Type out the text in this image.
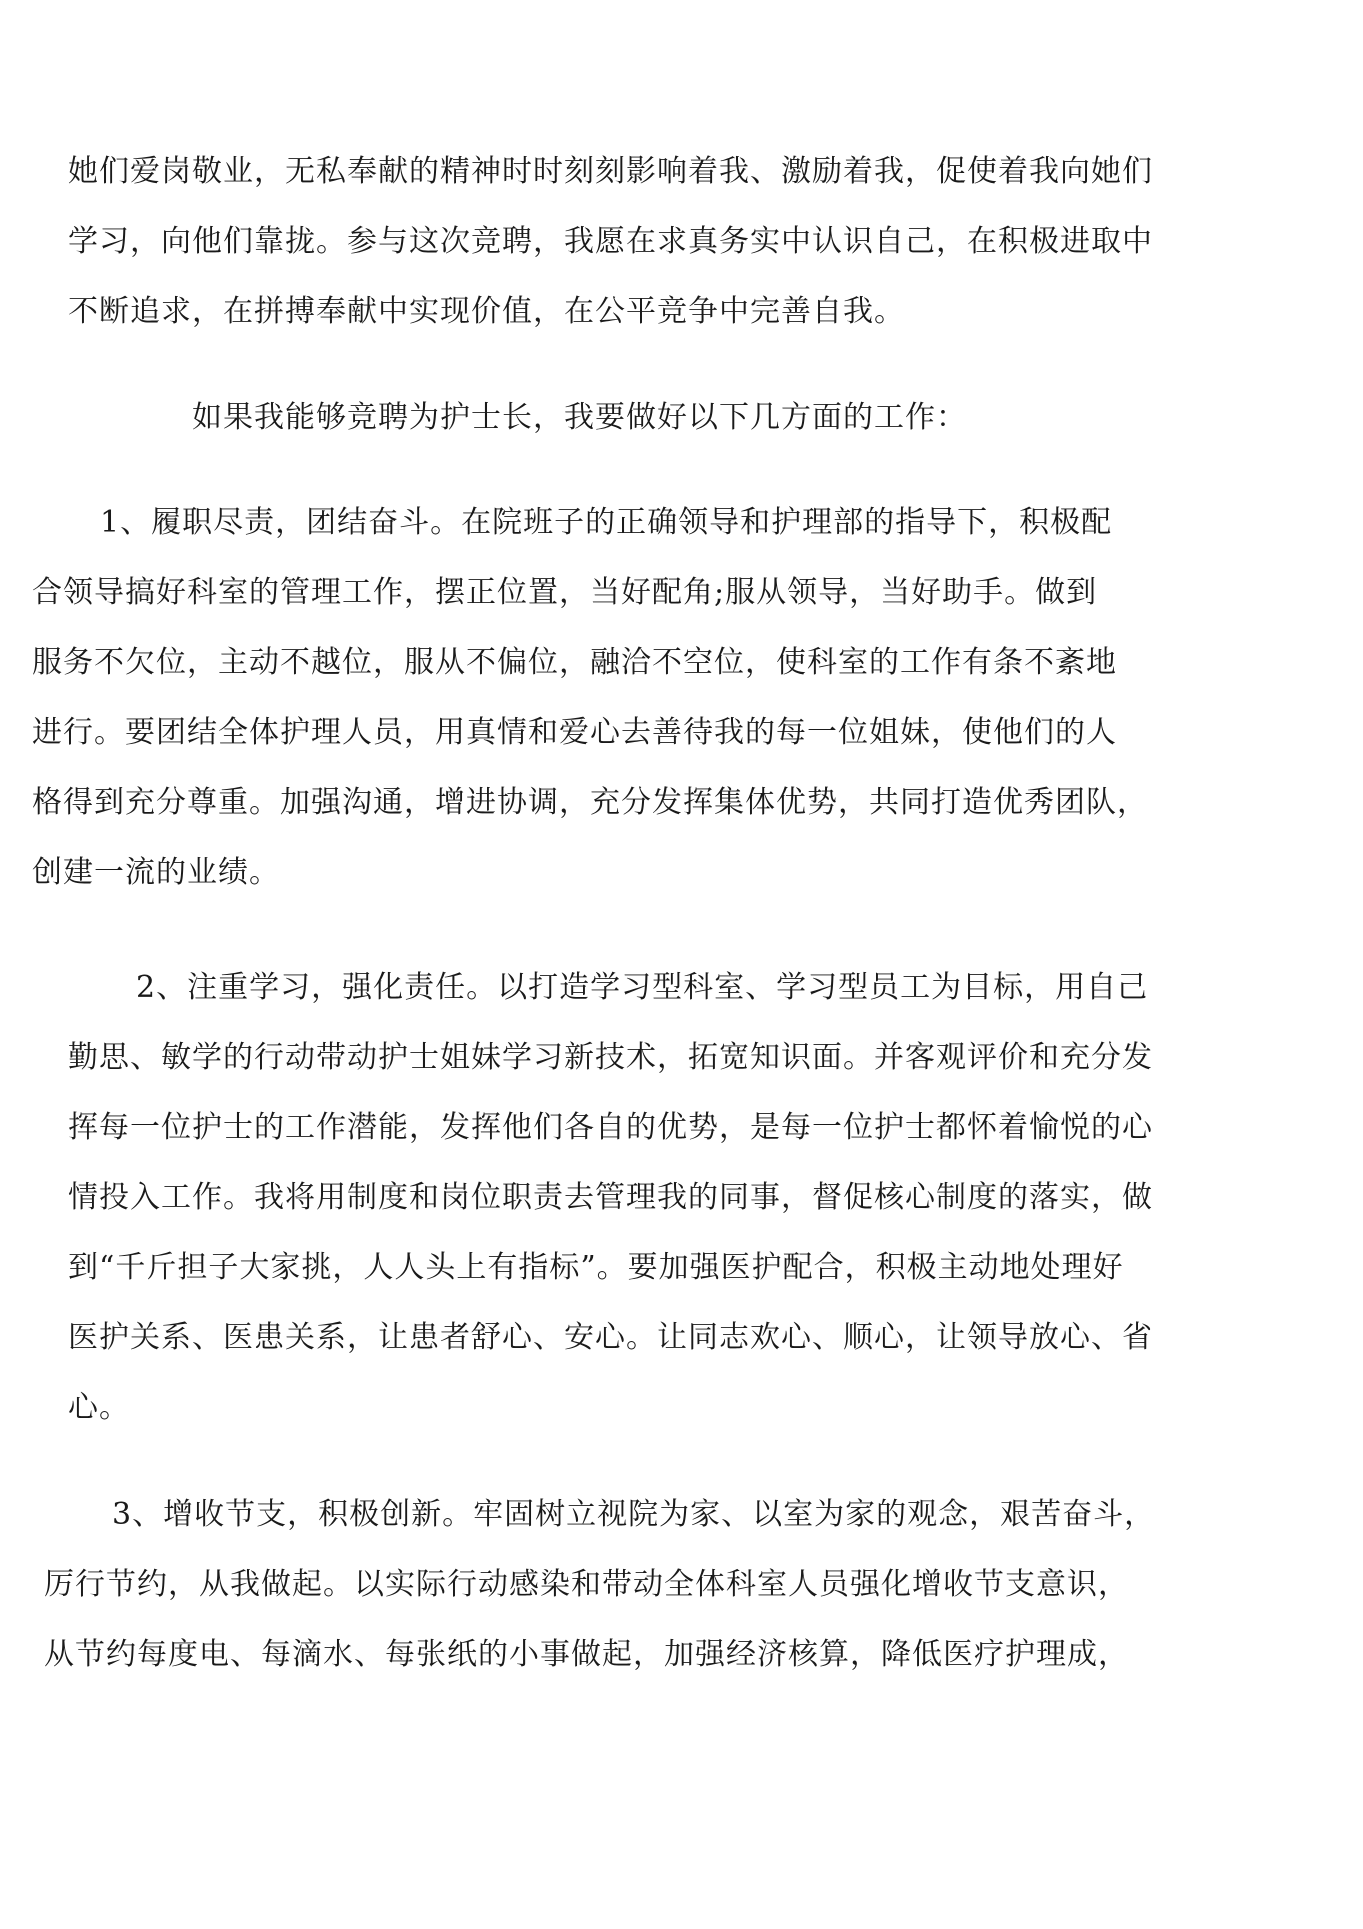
她们爱岗敬业，无私奉献的精神时时刻刻影响着我、激励着我，促使着我向她们
学习，向他们靠拢。参与这次竞聘，我愿在求真务实中认识自己，在积极进取中
不断追求，在拼搏奉献中实现价值，在公平竞争中完善自我。
如果我能够竞聘为护士长，我要做好以下几方面的工作：
1、履职尽责，团结奋斗。在院班子的正确领导和护理部的指导下，积极配
合领导搞好科室的管理工作，摆正位置，当好配角;服从领导，当好助手。做到
服务不欠位，主动不越位，服从不偏位，融洽不空位，使科室的工作有条不紊地
进行。要团结全体护理人员，用真情和爱心去善待我的每一位姐妹，使他们的人
格得到充分尊重。加强沟通，增进协调，充分发挥集体优势，共同打造优秀团队，
创建一流的业绩。
2、注重学习，强化责任。以打造学习型科室、学习型员工为目标，用自己
勤思、敏学的行动带动护士姐妹学习新技术，拓宽知识面。并客观评价和充分发
挥每一位护士的工作潜能，发挥他们各自的优势，是每一位护士都怀着愉悦的心
情投入工作。我将用制度和岗位职责去管理我的同事，督促核心制度的落实，做
到“千斤担子大家挑，人人头上有指标”。要加强医护配合，积极主动地处理好
医护关系、医患关系，让患者舒心、安心。让同志欢心、顺心，让领导放心、省
心。
3、增收节支，积极创新。牢固树立视院为家、以室为家的观念，艰苦奋斗，
厉行节约，从我做起。以实际行动感染和带动全体科室人员强化增收节支意识，
从节约每度电、每滴水、每张纸的小事做起，加强经济核算，降低医疗护理成，
